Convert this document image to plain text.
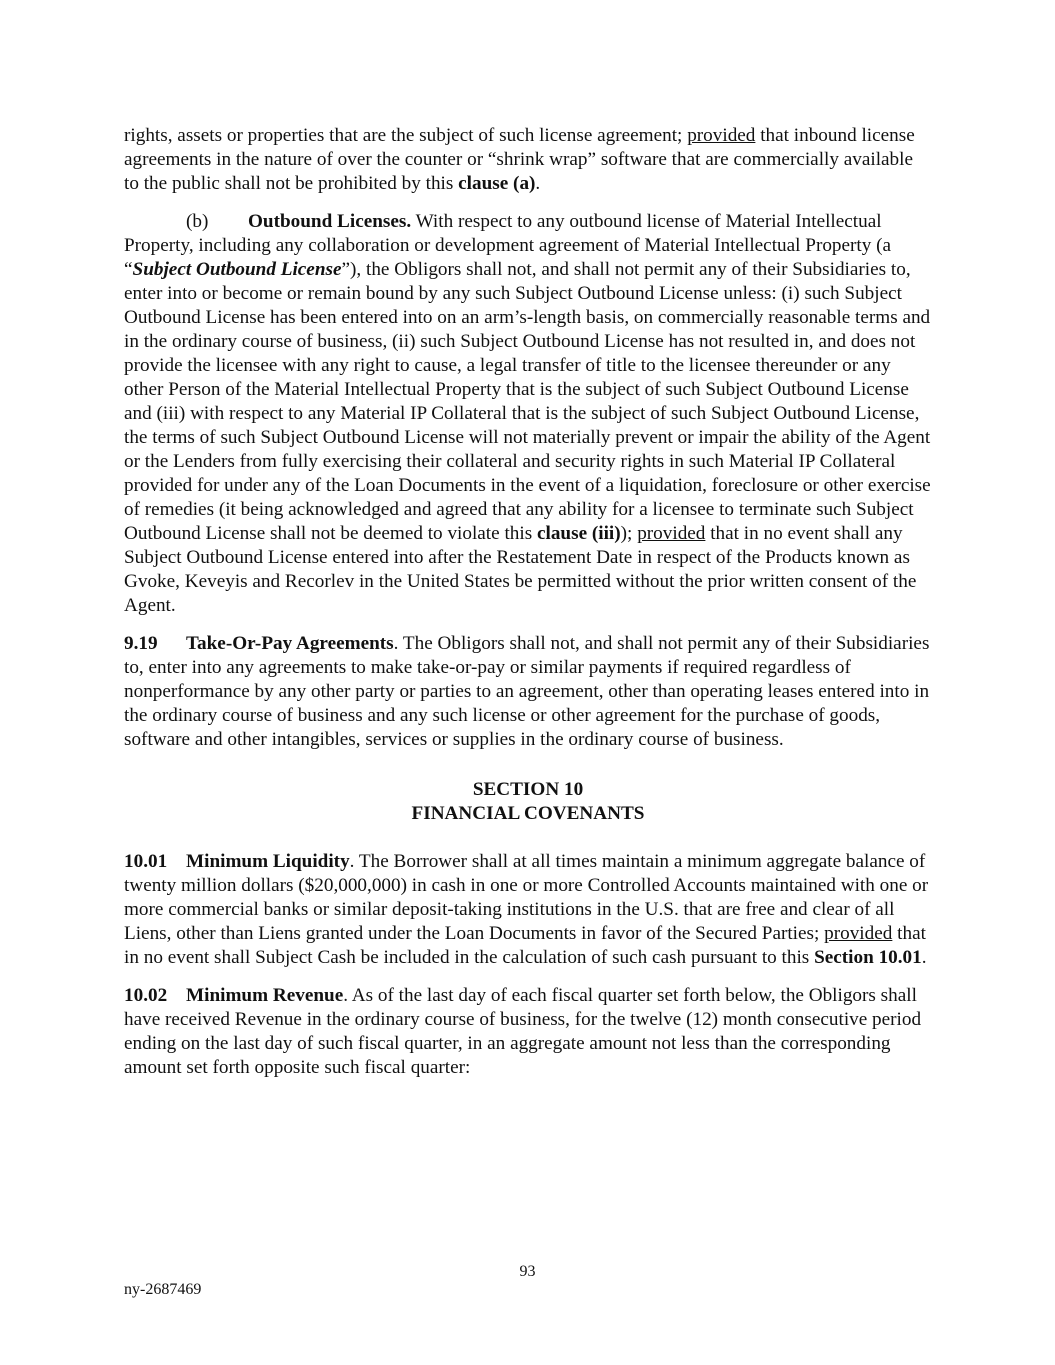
rights, assets or properties that are the subject of such license agreement; provided that inbound license agreements in the nature of over the counter or “shrink wrap” software that are commercially available to the public shall not be prohibited by this clause (a).

(b) Outbound Licenses. With respect to any outbound license of Material Intellectual Property, including any collaboration or development agreement of Material Intellectual Property (a “Subject Outbound License”), the Obligors shall not, and shall not permit any of their Subsidiaries to, enter into or become or remain bound by any such Subject Outbound License unless: (i) such Subject Outbound License has been entered into on an arm’s-length basis, on commercially reasonable terms and in the ordinary course of business, (ii) such Subject Outbound License has not resulted in, and does not provide the licensee with any right to cause, a legal transfer of title to the licensee thereunder or any other Person of the Material Intellectual Property that is the subject of such Subject Outbound License and (iii) with respect to any Material IP Collateral that is the subject of such Subject Outbound License, the terms of such Subject Outbound License will not materially prevent or impair the ability of the Agent or the Lenders from fully exercising their collateral and security rights in such Material IP Collateral provided for under any of the Loan Documents in the event of a liquidation, foreclosure or other exercise of remedies (it being acknowledged and agreed that any ability for a licensee to terminate such Subject Outbound License shall not be deemed to violate this clause (iii)); provided that in no event shall any Subject Outbound License entered into after the Restatement Date in respect of the Products known as Gvoke, Keveyis and Recorlev in the United States be permitted without the prior written consent of the Agent.

9.19 Take-Or-Pay Agreements. The Obligors shall not, and shall not permit any of their Subsidiaries to, enter into any agreements to make take-or-pay or similar payments if required regardless of nonperformance by any other party or parties to an agreement, other than operating leases entered into in the ordinary course of business and any such license or other agreement for the purchase of goods, software and other intangibles, services or supplies in the ordinary course of business.

SECTION 10
FINANCIAL COVENANTS

10.01 Minimum Liquidity. The Borrower shall at all times maintain a minimum aggregate balance of twenty million dollars ($20,000,000) in cash in one or more Controlled Accounts maintained with one or more commercial banks or similar deposit-taking institutions in the U.S. that are free and clear of all Liens, other than Liens granted under the Loan Documents in favor of the Secured Parties; provided that in no event shall Subject Cash be included in the calculation of such cash pursuant to this Section 10.01.

10.02 Minimum Revenue. As of the last day of each fiscal quarter set forth below, the Obligors shall have received Revenue in the ordinary course of business, for the twelve (12) month consecutive period ending on the last day of such fiscal quarter, in an aggregate amount not less than the corresponding amount set forth opposite such fiscal quarter:

93
ny-2687469
